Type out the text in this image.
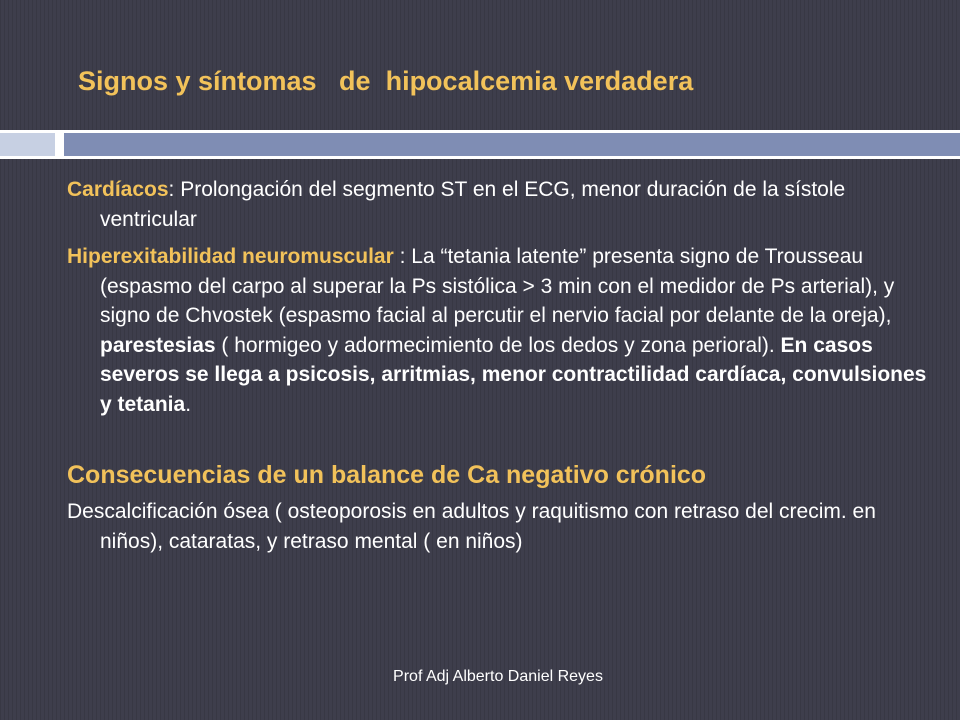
Signos y síntomas   de  hipocalcemia verdadera

Cardíacos: Prolongación del segmento ST en el ECG, menor duración de la sístole ventricular

Hiperexitabilidad neuromuscular : La “tetania latente” presenta signo de Trousseau (espasmo del carpo al superar la Ps sistólica > 3 min con el medidor de Ps arterial), y signo de Chvostek (espasmo facial al percutir el nervio facial por delante de la oreja), parestesias ( hormigeo y adormecimiento de los dedos y zona perioral). En casos severos se llega a psicosis, arritmias, menor contractilidad cardíaca, convulsiones y tetania.

Consecuencias de un balance de Ca negativo crónico

Descalcificación ósea ( osteoporosis en adultos y raquitismo con retraso del crecim. en niños), cataratas, y retraso mental ( en niños)

Prof Adj Alberto Daniel Reyes
